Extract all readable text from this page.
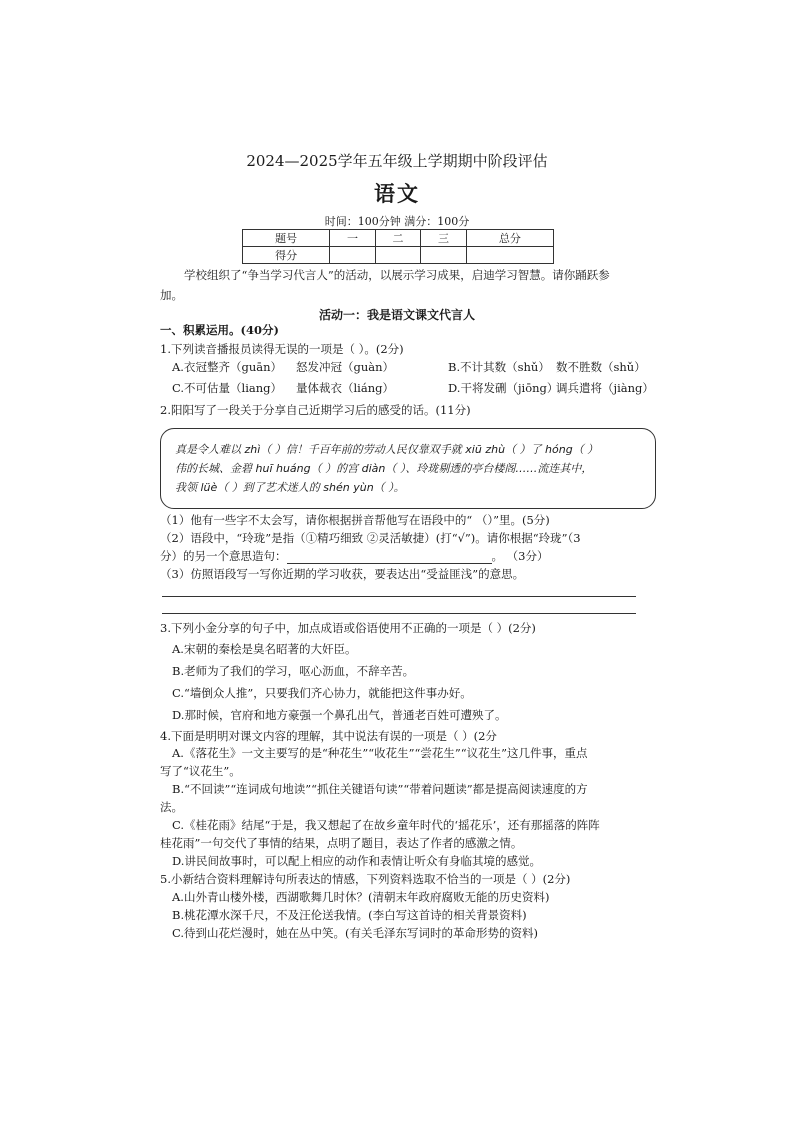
2024—2025学年五年级上学期期中阶段评估
语文
时间：100分钟 满分：100分
题号	一	二	三	总分
得分				
学校组织了“争当学习代言人”的活动，以展示学习成果，启迪学习智慧。请你踊跃参
加。
活动一：我是语文课文代言人
一、积累运用。(40分)
1.下列读音播报员读得无误的一项是（ ）。(2分)
A.衣冠整齐（guān） 怒发冲冠（guàn）	B.不计其数（shǔ） 数不胜数（shǔ）
C.不可估量（liang） 量体裁衣（liáng）	D.干将发硎（jiōng）
调兵遣将（jiàng）
2.阳阳写了一段关于分享自己近期学习后的感受的话。(11分)
真是令人难以 zhì（ ）信！千百年前的劳动人民仅靠双手就 xiū zhù（ ）了 hóng（ ）
伟的长城、金碧 huī huáng（ ）的宫 diàn（ ）、玲珑剔透的亭台楼阁……流连其中，
我领 lüè（ ）到了艺术迷人的 shén yùn（ ）。
（1）他有一些字不太会写，请你根据拼音帮他写在语段中的“ （）”里。(5分)
（2）语段中，“玲珑”是指（①精巧细致 ②灵活敏捷）(打“√”)。请你根据“玲珑”（3
分）的另一个意思造句：	。 （3分）
（3）仿照语段写一写你近期的学习收获，要表达出“受益匪浅”的意思。
3.下列小金分享的句子中，加点成语或俗语使用不正确的一项是（ ）(2分)
A.宋朝的秦桧是臭名昭著的大奸臣。
B.老师为了我们的学习，呕心沥血，不辞辛苦。
C.“墙倒众人推”，只要我们齐心协力，就能把这件事办好。
D.那时候，官府和地方豪强一个鼻孔出气，普通老百姓可遭殃了。
4.下面是明明对课文内容的理解，其中说法有误的一项是（ ）(2分
A.《落花生》一文主要写的是“种花生”“收花生”“尝花生”“议花生”这几件事，重点
写了“议花生”。
B.“不回读”“连词成句地读”“抓住关键语句读”“带着问题读”都是提高阅读速度的方
法。
C.《桂花雨》结尾“于是，我又想起了在故乡童年时代的‘摇花乐’，还有那摇落的阵阵
桂花雨”一句交代了事情的结果，点明了题目，表达了作者的感激之情。
D.讲民间故事时，可以配上相应的动作和表情让听众有身临其境的感觉。
5.小新结合资料理解诗句所表达的情感，下列资料选取不恰当的一项是（ ）(2分)
A.山外青山楼外楼，西湖歌舞几时休？(清朝末年政府腐败无能的历史资料)
B.桃花潭水深千尺，不及汪伦送我情。(李白写这首诗的相关背景资料)
C.待到山花烂漫时，她在丛中笑。(有关毛泽东写词时的革命形势的资料)
